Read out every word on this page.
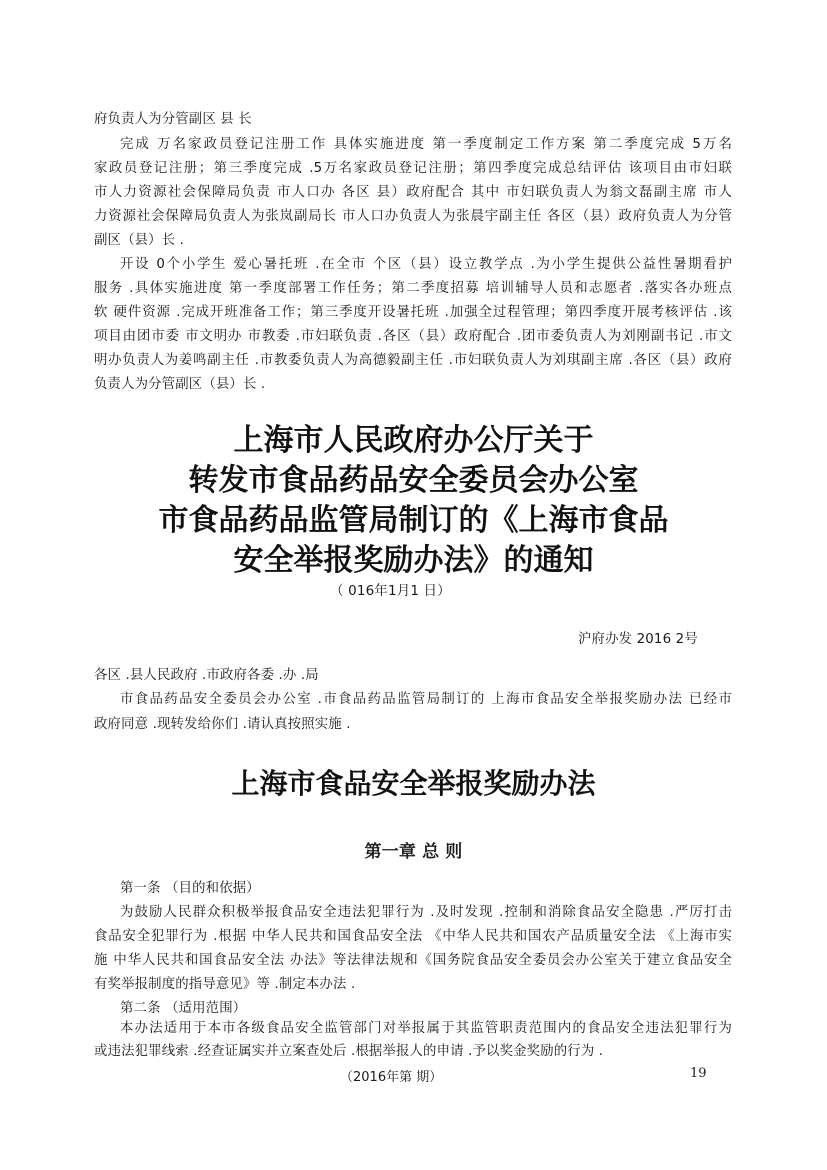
府负责人为分管副区 县 长
完成 万名家政员登记注册工作 具体实施进度 第一季度制定工作方案 第二季度完成 5万名
家政员登记注册；第三季度完成 .5万名家政员登记注册；第四季度完成总结评估 该项目由市妇联
市人力资源社会保障局负责 市人口办 各区 县）政府配合 其中 市妇联负责人为翁文磊副主席 市人
力资源社会保障局负责人为张岚副局长 市人口办负责人为张晨宇副主任 各区（县）政府负责人为分管
副区（县）长 .
开设 0个小学生 爱心暑托班 .在全市 个区（县）设立教学点 .为小学生提供公益性暑期看护
服务 .具体实施进度 第一季度部署工作任务；第二季度招募 培训辅导人员和志愿者 .落实各办班点
软 硬件资源 .完成开班准备工作；第三季度开设暑托班 .加强全过程管理；第四季度开展考核评估 .该
项目由团市委 市文明办 市教委 .市妇联负责 .各区（县）政府配合 .团市委负责人为刘刚副书记 .市文
明办负责人为姜鸣副主任 .市教委负责人为高德毅副主任 .市妇联负责人为刘琪副主席 .各区（县）政府
负责人为分管副区（县）长 .
上海市人民政府办公厅关于
转发市食品药品安全委员会办公室
市食品药品监管局制订的《上海市食品
安全举报奖励办法》的通知
（ 016年1月1 日）
沪府办发 2016 2号
各区 .县人民政府 .市政府各委 .办 .局
市食品药品安全委员会办公室 .市食品药品监管局制订的 上海市食品安全举报奖励办法 已经市
政府同意 .现转发给你们 .请认真按照实施 .
上海市食品安全举报奖励办法
第一章 总 则
第一条 （目的和依据）
为鼓励人民群众积极举报食品安全违法犯罪行为 .及时发现 .控制和消除食品安全隐患 .严厉打击
食品安全犯罪行为 .根据 中华人民共和国食品安全法 《中华人民共和国农产品质量安全法 《上海市实
施 中华人民共和国食品安全法 办法》等法律法规和《国务院食品安全委员会办公室关于建立食品安全
有奖举报制度的指导意见》等 .制定本办法 .
第二条 （适用范围）
本办法适用于本市各级食品安全监管部门对举报属于其监管职责范围内的食品安全违法犯罪行为
或违法犯罪线索 .经查证属实并立案查处后 .根据举报人的申请 .予以奖金奖励的行为 .
（2016年第 期）	19
